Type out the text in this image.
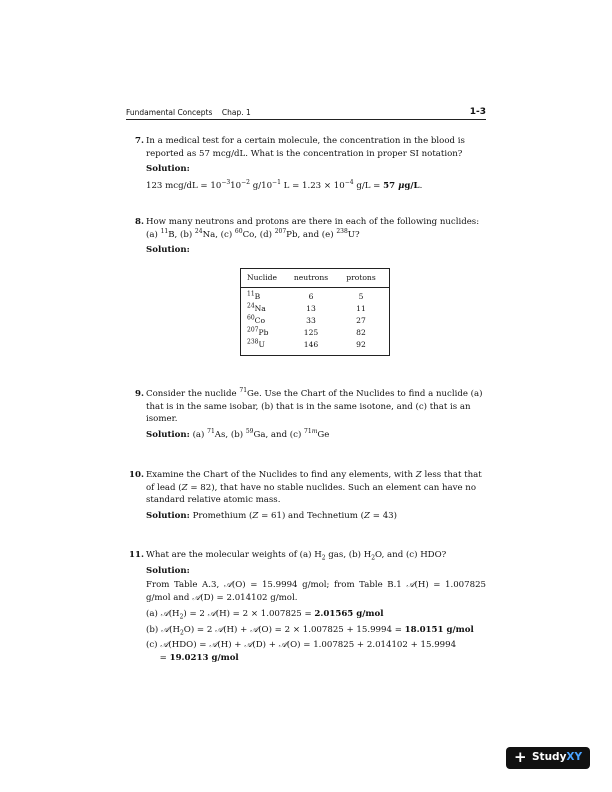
Fundamental Concepts Chap. 1	1-3
7. In a medical test for a certain molecule, the concentration in the blood is reported as 57 mcg/dL. What is the concentration in proper SI notation?
Solution:
123 $mcg/dL = 10^{-3}10^{-2}$ $g/10^{-1}$ $L = 1.23 \times 10^{-4}$ g/L = 57 μg/L.
8. How many neutrons and protons are there in each of the following nuclides: (a) $^{11}$B, (b) $^{24}$Na, (c) $^{60}$Co, (d) $^{207}$Pb, and (e) $^{238}$U?
Solution:
Nuclide	neutrons	protons
$^{11}$B	6	5
$^{24}$Na	13	11
$^{60}$Co	33	27
$^{207}$Pb	125	82
$^{238}$U	146	92
9. Consider the nuclide $^{71}$Ge. Use the Chart of the Nuclides to find a nuclide (a) that is in the same isobar, (b) that is in the same isotone, and (c) that is an isomer.
Solution: (a) $^{71}$As, (b) $^{59}$Ga, and (c) $^{71m}$Ge
10. Examine the Chart of the Nuclides to find any elements, with Z less that that of lead (Z = 82), that have no stable nuclides. Such an element can have no standard relative atomic mass.
Solution: Promethium (Z = 61) and Technetium (Z = 43)
11. What are the molecular weights of (a) $H_2$ gas, (b) $H_2O$, and (c) HDO?
Solution:
From Table A.3, 𝒜(O) = 15.9994 g/mol; from Table B.1 𝒜(H) = 1.007825 g/mol and 𝒜(D) = 2.014102 g/mol.
(a) $𝒜(H_2) = 2$ 𝒜(H) = 2 × 1.007825 = 2.01565 g/mol
(b) $𝒜(H_2O) = 2$ 𝒜(H) + 𝒜(O) = 2 × 1.007825 + 15.9994 = 18.0151 g/mol
(c) 𝒜(HDO) = 𝒜(H) + 𝒜(D) + 𝒜(O) = 1.007825 + 2.014102 + 15.9994
= 19.0213 g/mol
+ StudyXY
